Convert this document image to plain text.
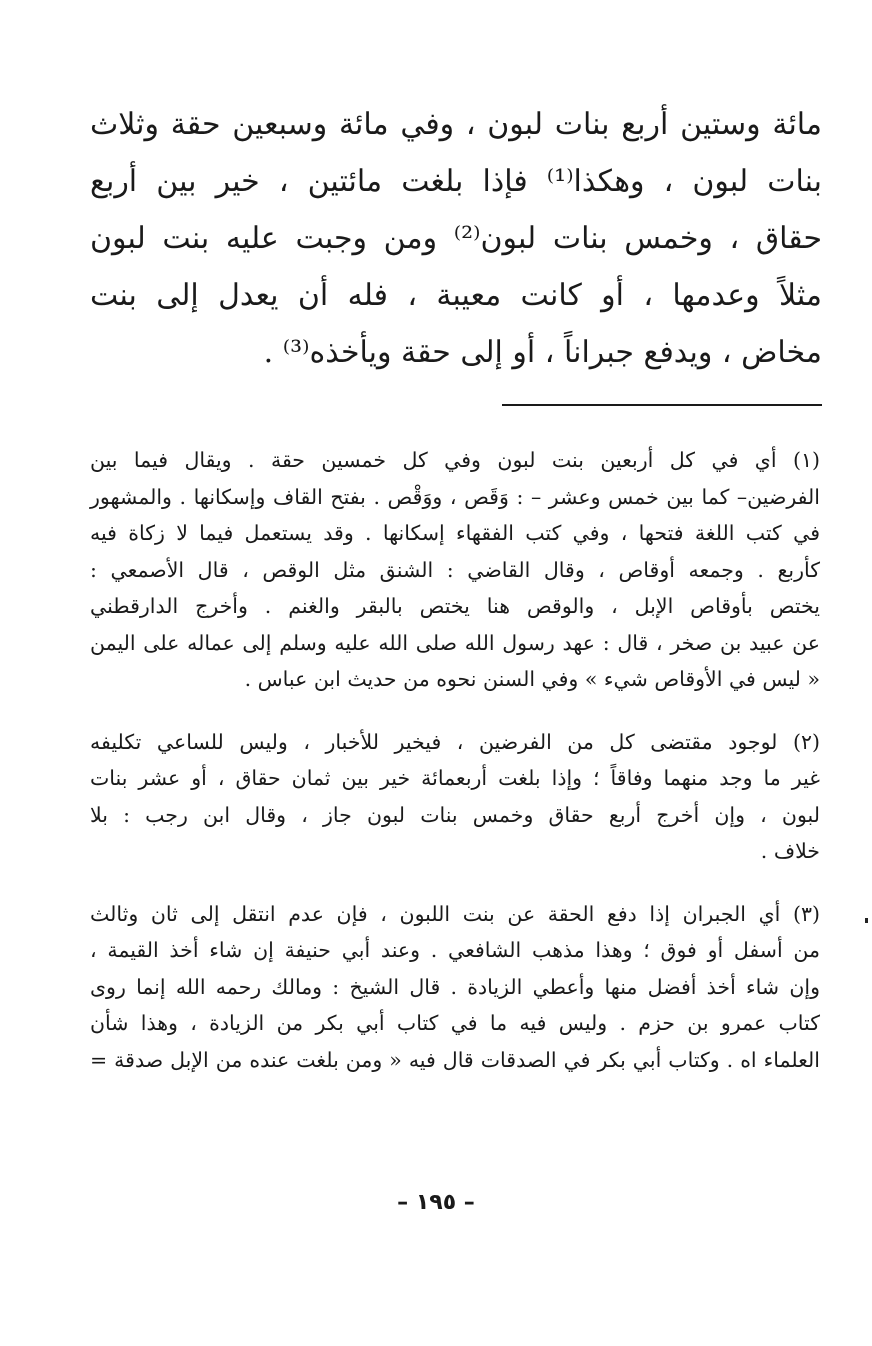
مائة وستين أربع بنات لبون ، وفي مائة وسبعين حقة وثلاث
بنات لبون ، وهكذا⁽¹⁾ فإذا بلغت مائتين ، خير بين أربع
حقاق ، وخمس بنات لبون⁽²⁾ ومن وجبت عليه بنت لبون
مثلاً وعدمها ، أو كانت معيبة ، فله أن يعدل إلى بنت
مخاض ، ويدفع جبراناً ، أو إلى حقة ويأخذه⁽³⁾ .
(١) أي في كل أربعين بنت لبون وفي كل خمسين حقة . ويقال فيما بين
الفرضين– كما بين خمس وعشر – : وَقَص ، ووَقْص . بفتح القاف وإسكانها . والمشهور
في كتب اللغة فتحها ، وفي كتب الفقهاء إسكانها . وقد يستعمل فيما لا زكاة فيه
كأربع . وجمعه أوقاص ، وقال القاضي : الشنق مثل الوقص ، قال الأصمعي :
يختص بأوقاص الإبل ، والوقص هنا يختص بالبقر والغنم . وأخرج الدارقطني
عن عبيد بن صخر ، قال : عهد رسول الله صلى الله عليه وسلم إلى عماله على اليمن
« ليس في الأوقاص شيء » وفي السنن نحوه من حديث ابن عباس .
(٢) لوجود مقتضى كل من الفرضين ، فيخير للأخبار ، وليس للساعي تكليفه
غير ما وجد منهما وفاقاً ؛ وإذا بلغت أربعمائة خير بين ثمان حقاق ، أو عشر بنات
لبون ، وإن أخرج أربع حقاق وخمس بنات لبون جاز ، وقال ابن رجب : بلا
خلاف .
(٣) أي الجبران إذا دفع الحقة عن بنت اللبون ، فإن عدم انتقل إلى ثان وثالث
من أسفل أو فوق ؛ وهذا مذهب الشافعي . وعند أبي حنيفة إن شاء أخذ القيمة ،
وإن شاء أخذ أفضل منها وأعطي الزيادة . قال الشيخ : ومالك رحمه الله إنما روى
كتاب عمرو بن حزم . وليس فيه ما في كتاب أبي بكر من الزيادة ، وهذا شأن
العلماء اه . وكتاب أبي بكر في الصدقات قال فيه « ومن بلغت عنده من الإبل صدقة =
– ١٩٥ –
